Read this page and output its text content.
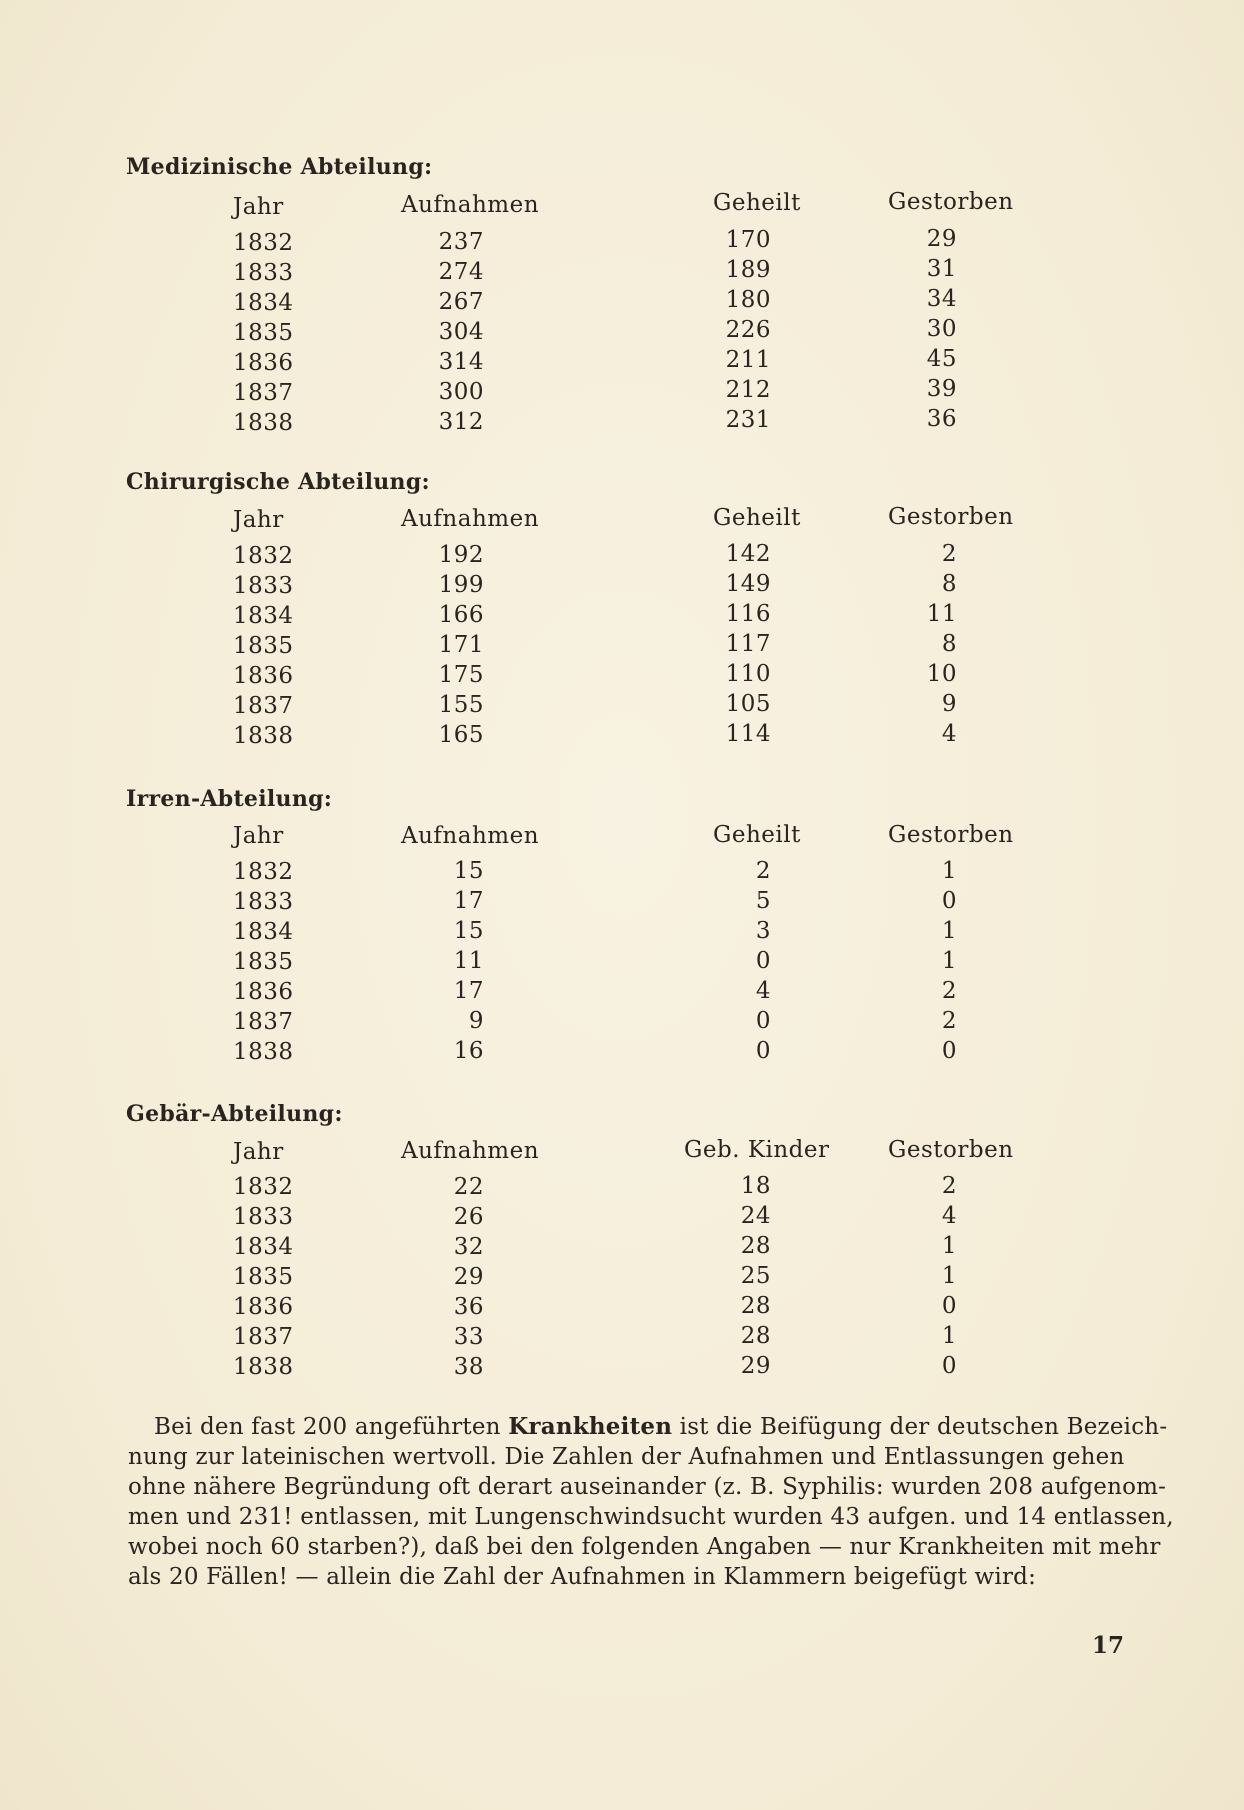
Medizinische Abteilung:
Jahr	Aufnahmen	Geheilt	Gestorben
1832	237	170	29
1833	274	189	31
1834	267	180	34
1835	304	226	30
1836	314	211	45
1837	300	212	39
1838	312	231	36
Chirurgische Abteilung:
Jahr	Aufnahmen	Geheilt	Gestorben
1832	192	142	2
1833	199	149	8
1834	166	116	11
1835	171	117	8
1836	175	110	10
1837	155	105	9
1838	165	114	4
Irren-Abteilung:
Jahr	Aufnahmen	Geheilt	Gestorben
1832	15	2	1
1833	17	5	0
1834	15	3	1
1835	11	0	1
1836	17	4	2
1837	9	0	2
1838	16	0	0
Gebär-Abteilung:
Jahr	Aufnahmen	Geb. Kinder	Gestorben
1832	22	18	2
1833	26	24	4
1834	32	28	1
1835	29	25	1
1836	36	28	0
1837	33	28	1
1838	38	29	0
Bei den fast 200 angeführten Krankheiten ist die Beifügung der deutschen Bezeich-
nung zur lateinischen wertvoll. Die Zahlen der Aufnahmen und Entlassungen gehen
ohne nähere Begründung oft derart auseinander (z. B. Syphilis: wurden 208 aufgenom-
men und 231! entlassen, mit Lungenschwindsucht wurden 43 aufgen. und 14 entlassen,
wobei noch 60 starben?), daß bei den folgenden Angaben — nur Krankheiten mit mehr
als 20 Fällen! — allein die Zahl der Aufnahmen in Klammern beigefügt wird:
17
